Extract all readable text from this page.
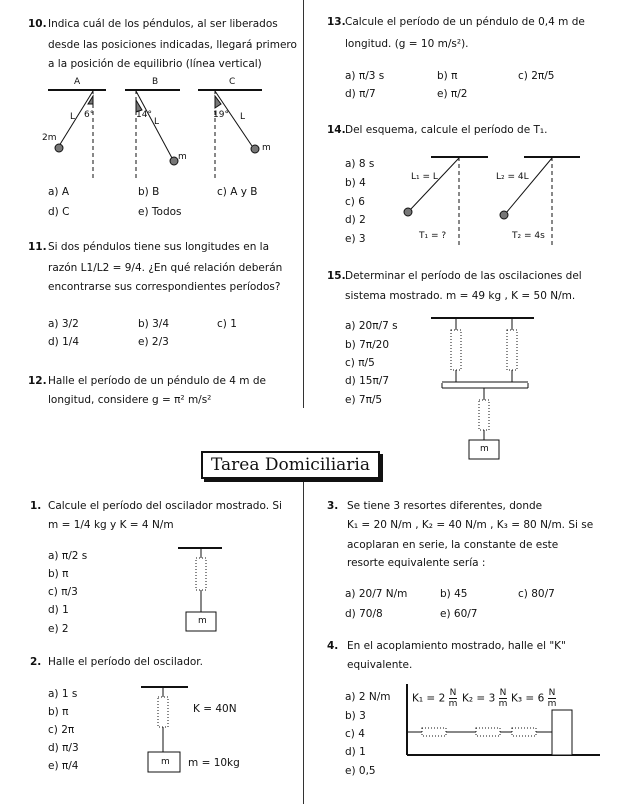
10. Indica cuál de los péndulos, al ser liberados
desde las posiciones indicadas, llegará primero
a la posición de equilibrio (línea vertical)
A	B	C
L 6°
2m
14°
L
m
19° L
m
a) A	b) B	c) A y B
d) C	e) Todos
11. Si dos péndulos tiene sus longitudes en la
razón L1/L2 = 9/4. ¿En qué relación deberán
encontrarse sus correspondientes períodos?
a) 3/2	b) 3/4	c) 1
d) 1/4	e) 2/3
12. Halle el período de un péndulo de 4 m de
longitud, considere g = π² m/s²
13. Calcule el período de un péndulo de 0,4 m de
longitud. (g = 10 m/s²).
a) π/3 s	b) π	c) 2π/5
d) π/7	e) π/2
14. Del esquema, calcule el período de T₁.
a) 8 s
b) 4
c) 6
d) 2
e) 3
L₁ = L	L₂ = 4L
T₁ = ?	T₂ = 4s
15. Determinar el período de las oscilaciones del
sistema mostrado. m = 49 kg , K = 50 N/m.
a) 20π/7 s
b) 7π/20
c) π/5
d) 15π/7
e) 7π/5
m
Tarea Domiciliaria
1. Calcule el período del oscilador mostrado. Si
m = 1/4 kg y K = 4 N/m
a) π/2 s
b) π
c) π/3
d) 1
e) 2
m
2. Halle el período del oscilador.
a) 1 s
b) π
c) 2π
d) π/3
e) π/4
K = 40N
m = 10kg
m
3. Se tiene 3 resortes diferentes, donde
K₁ = 20 N/m , K₂ = 40 N/m , K₃ = 80 N/m. Si se
acoplaran en serie, la constante de este
resorte equivalente sería :
a) 20/7 N/m	b) 45	c) 80/7
d) 70/8	e) 60/7
4. En el acoplamiento mostrado, halle el "K"
equivalente.
a) 2 N/m
b) 3
c) 4
d) 1
e) 0,5
$K_1 = 2 \frac{N}{m} K_2 = 3 \frac{N}{m} K_3 = 6 \frac{N}{m}$
